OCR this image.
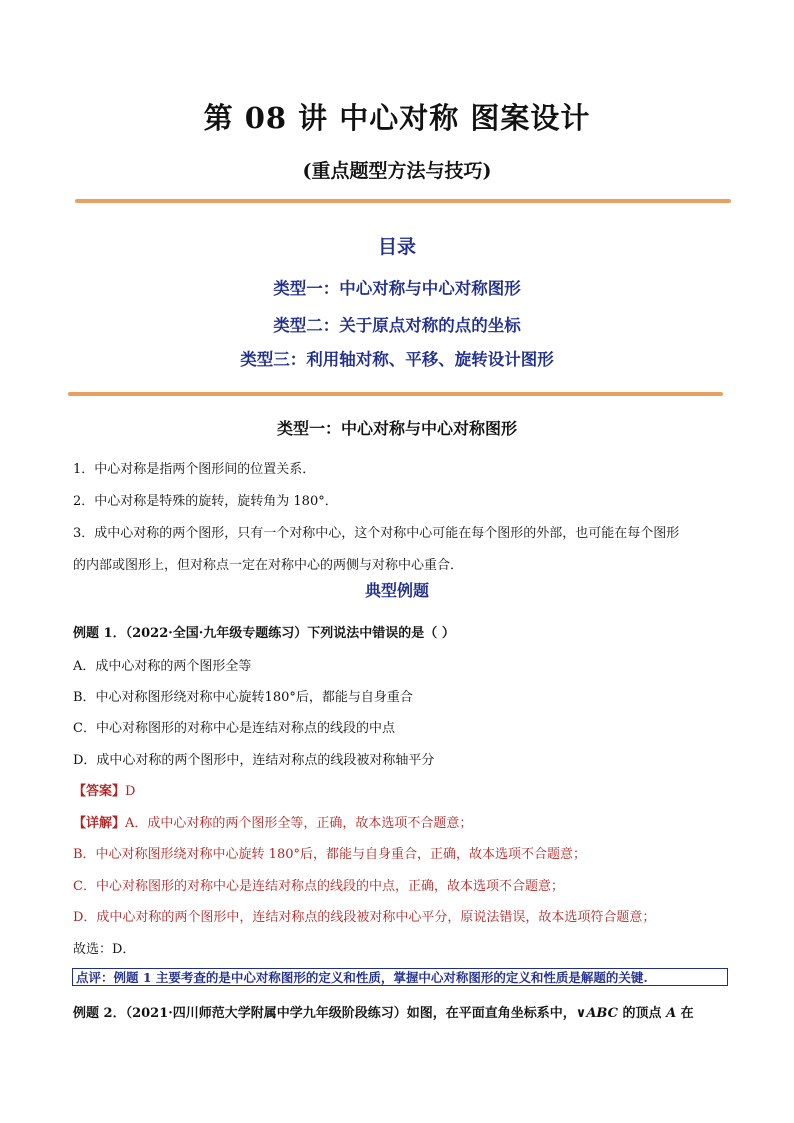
第 08 讲 中心对称 图案设计
(重点题型方法与技巧)
目录
类型一：中心对称与中心对称图形
类型二：关于原点对称的点的坐标
类型三：利用轴对称、平移、旋转设计图形
类型一：中心对称与中心对称图形
1．中心对称是指两个图形间的位置关系．
2．中心对称是特殊的旋转，旋转角为 180°．
3．成中心对称的两个图形，只有一个对称中心，这个对称中心可能在每个图形的外部，也可能在每个图形
的内部或图形上，但对称点一定在对称中心的两侧与对称中心重合．
典型例题
例题 1．（2022·全国·九年级专题练习）下列说法中错误的是（ ）
A．成中心对称的两个图形全等
B．中心对称图形绕对称中心旋转180°后，都能与自身重合
C．中心对称图形的对称中心是连结对称点的线段的中点
D．成中心对称的两个图形中，连结对称点的线段被对称轴平分
【答案】D
【详解】A．成中心对称的两个图形全等，正确，故本选项不合题意；
B．中心对称图形绕对称中心旋转 180°后，都能与自身重合，正确，故本选项不合题意；
C．中心对称图形的对称中心是连结对称点的线段的中点，正确，故本选项不合题意；
D．成中心对称的两个图形中，连结对称点的线段被对称中心平分，原说法错误，故本选项符合题意；
故选：D．
点评：例题 1 主要考查的是中心对称图形的定义和性质，掌握中心对称图形的定义和性质是解题的关键.
例题 2．（2021·四川师范大学附属中学九年级阶段练习）如图，在平面直角坐标系中，∨ABC 的顶点 A 在
